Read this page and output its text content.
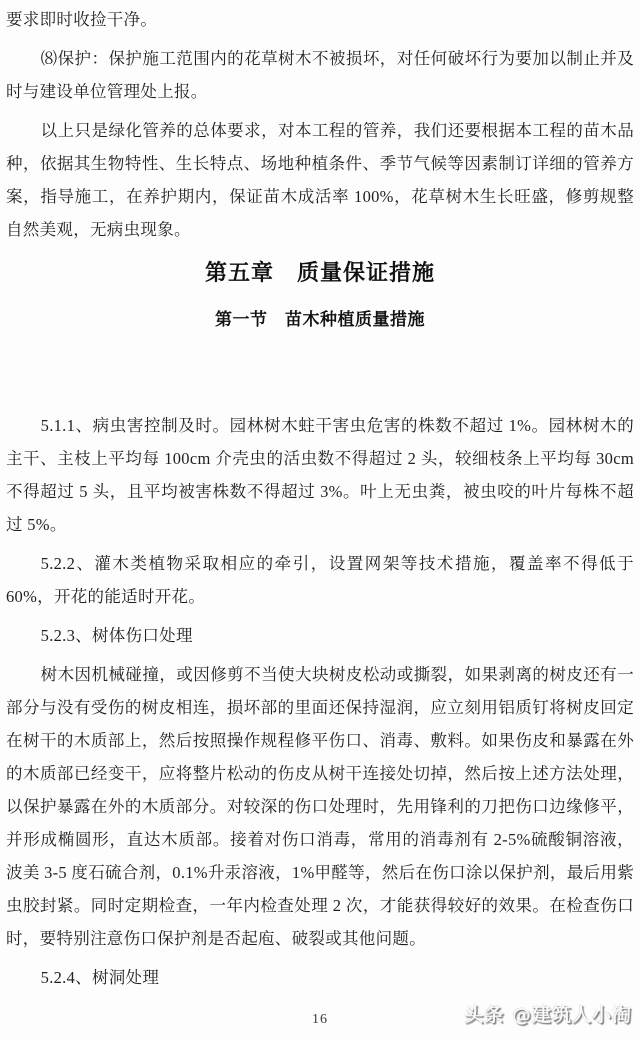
要求即时收捡干净。

⑻保护：保护施工范围内的花草树木不被损坏，对任何破坏行为要加以制止并及时与建设单位管理处上报。

以上只是绿化管养的总体要求，对本工程的管养，我们还要根据本工程的苗木品种，依据其生物特性、生长特点、场地种植条件、季节气候等因素制订详细的管养方案，指导施工，在养护期内，保证苗木成活率 100%，花草树木生长旺盛，修剪规整自然美观，无病虫现象。

第五章　质量保证措施
第一节　苗木种植质量措施

5.1.1、病虫害控制及时。园林树木蛀干害虫危害的株数不超过 1%。园林树木的主干、主枝上平均每 100cm 介壳虫的活虫数不得超过 2 头，较细枝条上平均每 30cm 不得超过 5 头，且平均被害株数不得超过 3%。叶上无虫粪，被虫咬的叶片每株不超过 5%。

5.2.2、灌木类植物采取相应的牵引，设置网架等技术措施，覆盖率不得低于 60%，开花的能适时开花。

5.2.3、树体伤口处理

树木因机械碰撞，或因修剪不当使大块树皮松动或撕裂，如果剥离的树皮还有一部分与没有受伤的树皮相连，损坏部的里面还保持湿润，应立刻用铝质钉将树皮回定在树干的木质部上，然后按照操作规程修平伤口、消毒、敷料。如果伤皮和暴露在外的木质部已经变干，应将整片松动的伤皮从树干连接处切掉，然后按上述方法处理，以保护暴露在外的木质部分。对较深的伤口处理时，先用锋利的刀把伤口边缘修平，并形成椭圆形，直达木质部。接着对伤口消毒，常用的消毒剂有 2-5%硫酸铜溶液，波美 3-5 度石硫合剂，0.1%升汞溶液，1%甲醛等，然后在伤口涂以保护剂，最后用紫虫胶封紧。同时定期检查，一年内检查处理 2 次，才能获得较好的效果。在检查伤口时，要特别注意伤口保护剂是否起庖、破裂或其他问题。

5.2.4、树洞处理

16	头条 @建筑人小淘
